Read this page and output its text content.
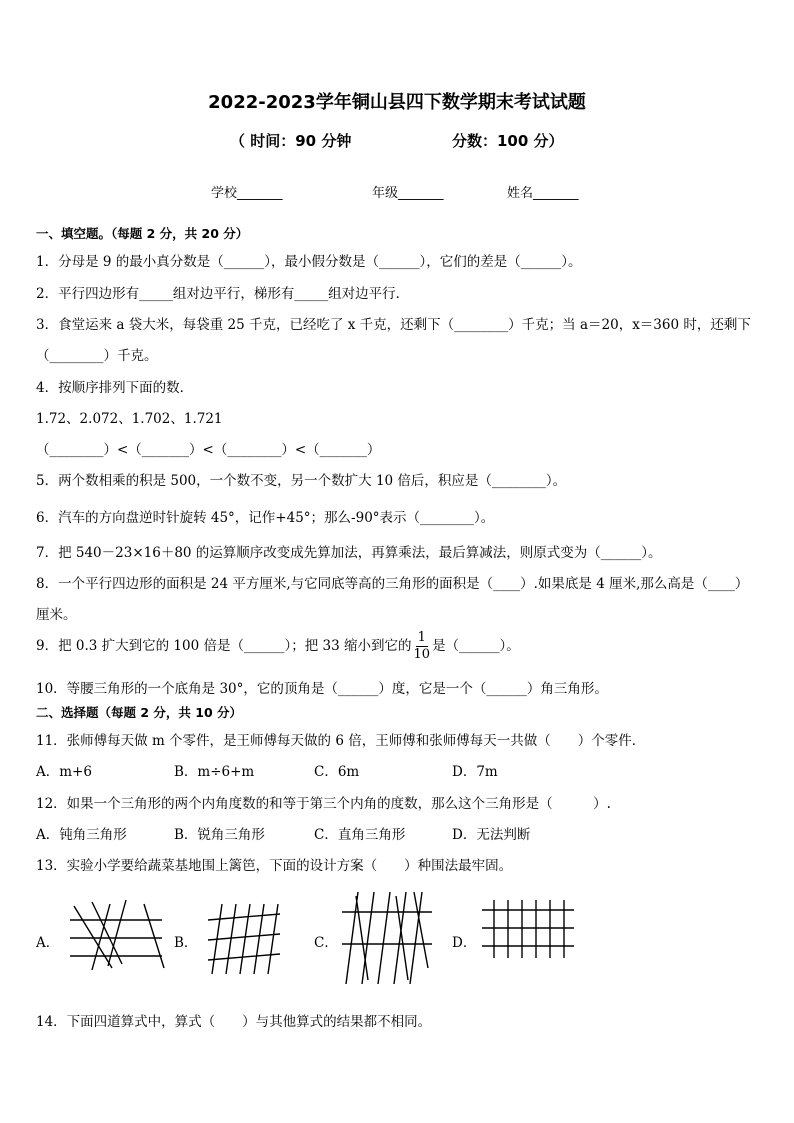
2022-2023学年铜山县四下数学期末考试试题
（ 时间：90 分钟	分数：100 分）
学校_______	年级_______	姓名_______
一、填空题。（每题 2 分，共 20 分）
1．分母是 9 的最小真分数是（______），最小假分数是（______），它们的差是（______）。
2．平行四边形有_____组对边平行，梯形有_____组对边平行．
3．食堂运来 a 袋大米，每袋重 25 千克，已经吃了 x 千克，还剩下（________）千克；当 a＝20，x＝360 时，还剩下
（________）千克。
4．按顺序排列下面的数．
1.72、2.072、1.702、1.721
（________）<（_______）<（________）<（_______）
5．两个数相乘的积是 500，一个数不变，另一个数扩大 10 倍后，积应是（________）。
6．汽车的方向盘逆时针旋转 45°，记作+45°；那么-90°表示（________）。
7．把 540－23×16＋80 的运算顺序改变成先算加法，再算乘法，最后算减法，则原式变为（______）。
8．一个平行四边形的面积是 24 平方厘米,与它同底等高的三角形的面积是（____）.如果底是 4 厘米,那么高是（____）
厘米。
9．把 0.3 扩大到它的 100 倍是（______）；把 33 缩小到它的 $\frac{1}{10}$ 是（______）。
10．等腰三角形的一个底角是 30°，它的顶角是（______）度，它是一个（______）角三角形。
二、选择题（每题 2 分，共 10 分）
11．张师傅每天做 m 个零件，是王师傅每天做的 6 倍，王师傅和张师傅每天一共做（　　）个零件．
A．m+6	B．m÷6+m	C．6m	D．7m
12．如果一个三角形的两个内角度数的和等于第三个内角的度数，那么这个三角形是（　　　）.
A．钝角三角形	B．锐角三角形	C．直角三角形	D．无法判断
13．实验小学要给蔬菜基地围上篱笆，下面的设计方案（　　）种围法最牢固。
A．	B．	C．	D．
14．下面四道算式中，算式（　　）与其他算式的结果都不相同。
